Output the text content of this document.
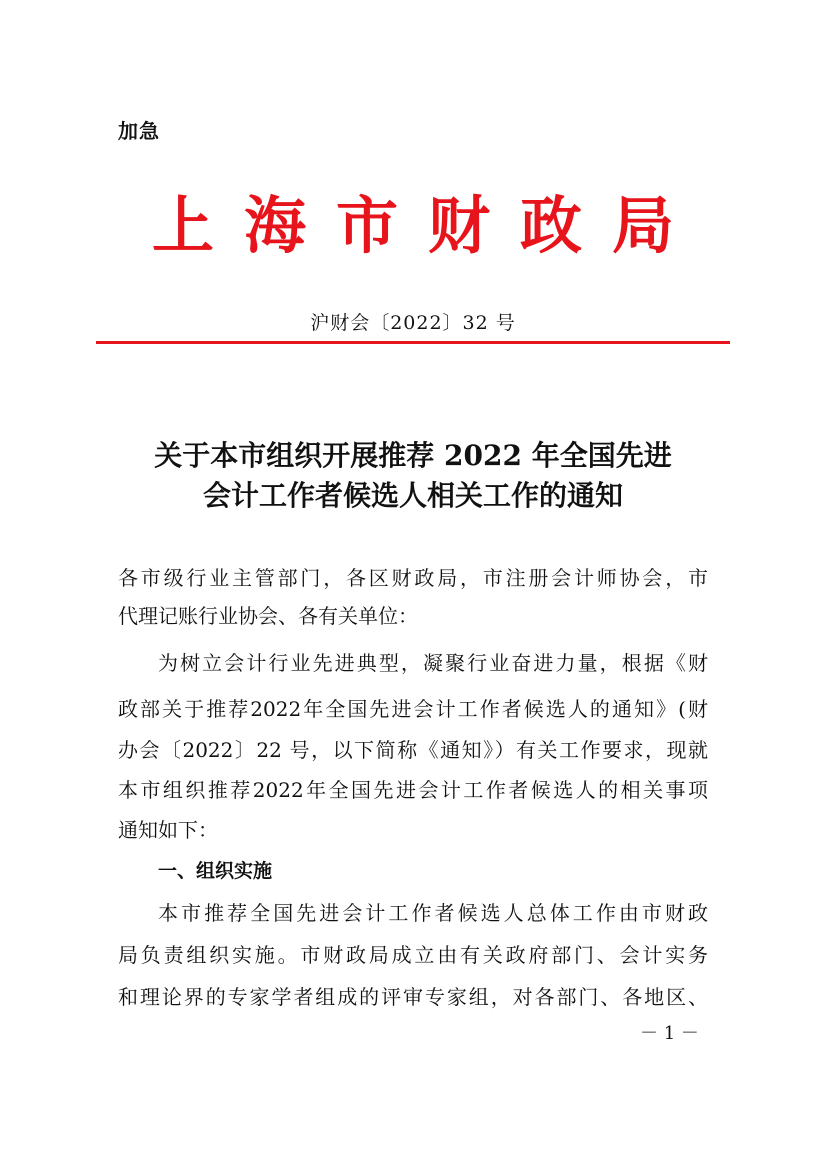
加急
上海市财政局
沪财会〔2022〕32 号
关于本市组织开展推荐 2022 年全国先进
会计工作者候选人相关工作的通知
各市级行业主管部门，各区财政局，市注册会计师协会，市
代理记账行业协会、各有关单位：
为树立会计行业先进典型，凝聚行业奋进力量，根据《财
政部关于推荐2022年全国先进会计工作者候选人的通知》(财
办会〔2022〕22 号，以下简称《通知》）有关工作要求，现就
本市组织推荐2022年全国先进会计工作者候选人的相关事项
通知如下：
一、组织实施
本市推荐全国先进会计工作者候选人总体工作由市财政
局负责组织实施。市财政局成立由有关政府部门、会计实务
和理论界的专家学者组成的评审专家组，对各部门、各地区、
－ 1 －
